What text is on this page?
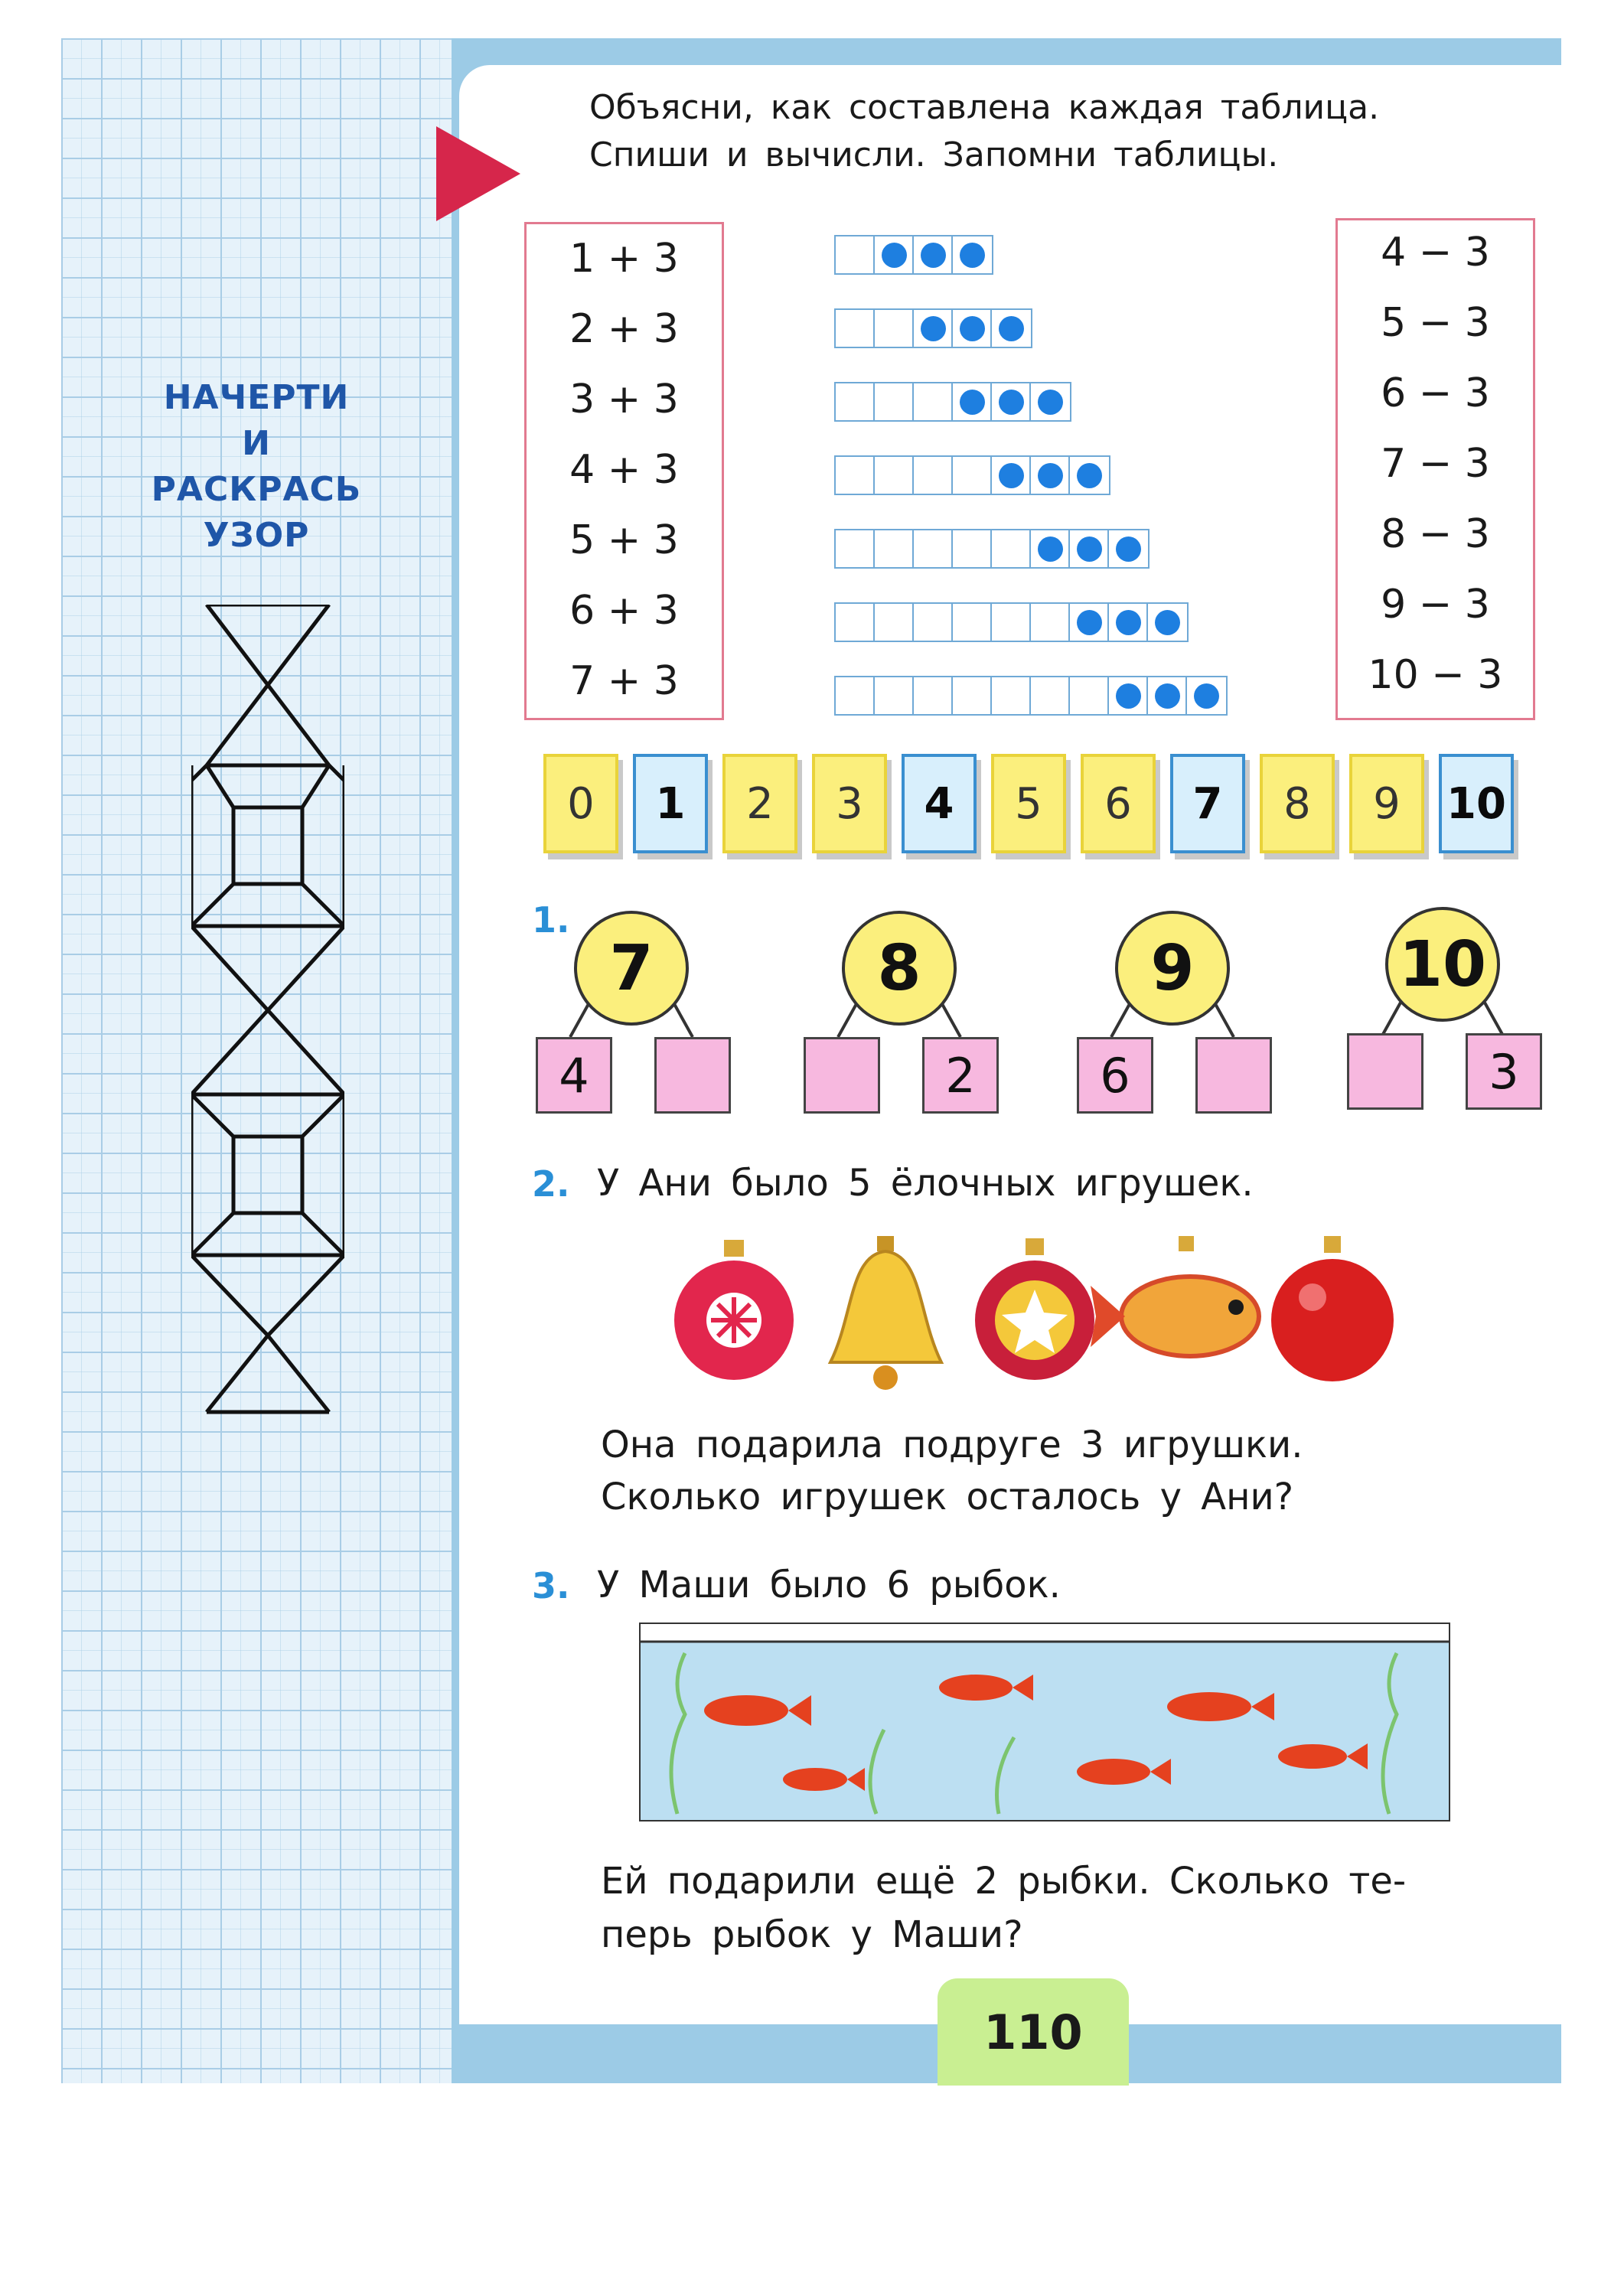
НАЧЕРТИ
И
РАСКРАСЬ
УЗОР
Объясни, как составлена каждая таблица.
Спиши и вычисли. Запомни таблицы.
1 + 3
2 + 3
3 + 3
4 + 3
5 + 3
6 + 3
7 + 3
4 − 3
5 − 3
6 − 3
7 − 3
8 − 3
9 − 3
10 − 3
0	1	2	3	4	5	6	7	8	9	10
1.
7
4
8
2
9
6
10
3
2. У Ани было 5 ёлочных игрушек.
Она подарила подруге 3 игрушки.
Сколько игрушек осталось у Ани?
3. У Маши было 6 рыбок.
Ей подарили ещё 2 рыбки. Сколько те-
перь рыбок у Маши?
110
